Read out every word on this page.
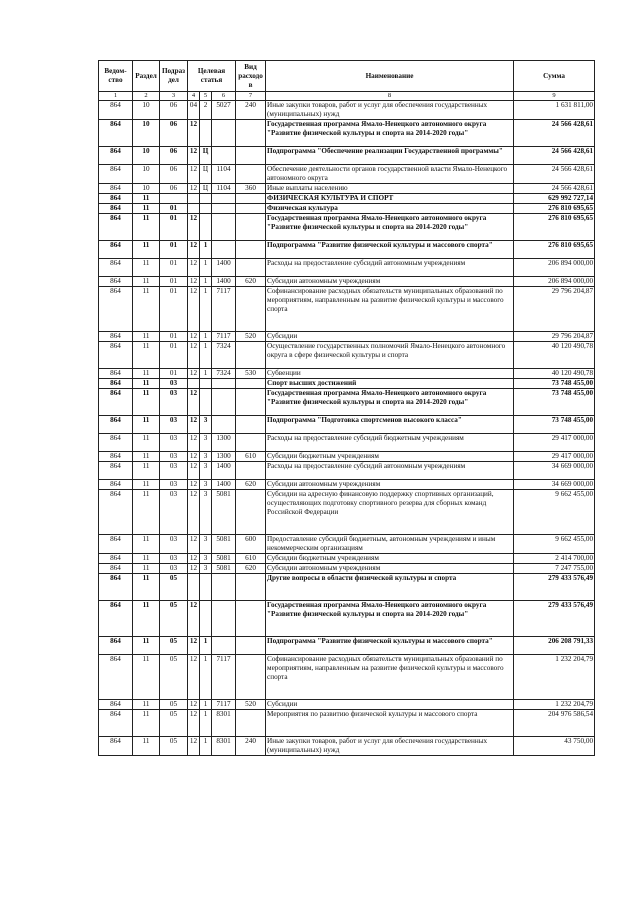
Ведом-ство	Раздел	Подраз дел	Целевая статья			Вид расходов	Наименование	Сумма
1	2	3	4	5	6	7	8	9
864	10	06	04	2	5027	240	Иные закупки товаров, работ и услуг для обеспечения государственных (муниципальных) нужд	1 631 811,00
864	10	06	12				Государственная программа Ямало-Ненецкого автономного округа "Развитие физической культуры и спорта на 2014-2020 годы"	24 566 428,61
864	10	06	12	Ц			Подпрограмма "Обеспечение реализации Государственной программы"	24 566 428,61
864	10	06	12	Ц	1104		Обеспечение деятельности органов государственной власти Ямало-Ненецкого автономного округа	24 566 428,61
864	10	06	12	Ц	1104	360	Иные выплаты населению	24 566 428,61
864	11						ФИЗИЧЕСКАЯ КУЛЬТУРА И СПОРТ	629 992 727,14
864	11	01					Физическая культура	276 810 695,65
864	11	01	12				Государственная программа Ямало-Ненецкого автономного округа "Развитие физической культуры и спорта на 2014-2020 годы"	276 810 695,65
864	11	01	12	1			Подпрограмма "Развитие физической культуры и массового спорта"	276 810 695,65
864	11	01	12	1	1400		Расходы на предоставление субсидий автономным учреждениям	206 894 000,00
864	11	01	12	1	1400	620	Субсидии автономным учреждениям	206 894 000,00
864	11	01	12	1	7117		Софинансирование расходных обязательств муниципальных образований по мероприятиям, направленным на развитие физической культуры и массового спорта	29 796 204,87
864	11	01	12	1	7117	520	Субсидии	29 796 204,87
864	11	01	12	1	7324		Осуществление государственных полномочий Ямало-Ненецкого автономного округа в сфере физической культуры и спорта	40 120 490,78
864	11	01	12	1	7324	530	Субвенции	40 120 490,78
864	11	03					Спорт высших достижений	73 748 455,00
864	11	03	12				Государственная программа Ямало-Ненецкого автономного округа "Развитие физической культуры и спорта на 2014-2020 годы"	73 748 455,00
864	11	03	12	3			Подпрограмма "Подготовка спортсменов высокого класса"	73 748 455,00
864	11	03	12	3	1300		Расходы на предоставление субсидий бюджетным учреждениям	29 417 000,00
864	11	03	12	3	1300	610	Субсидии бюджетным учреждениям	29 417 000,00
864	11	03	12	3	1400		Расходы на предоставление субсидий автономным учреждениям	34 669 000,00
864	11	03	12	3	1400	620	Субсидии автономным учреждениям	34 669 000,00
864	11	03	12	3	5081		Субсидии на адресную финансовую поддержку спортивных организаций, осуществляющих подготовку спортивного резерва для сборных команд Российской Федерации	9 662 455,00
864	11	03	12	3	5081	600	Предоставление субсидий бюджетным, автономным учреждениям и иным некоммерческим организациям	9 662 455,00
864	11	03	12	3	5081	610	Субсидии бюджетным учреждениям	2 414 700,00
864	11	03	12	3	5081	620	Субсидии автономным учреждениям	7 247 755,00
864	11	05					Другие вопросы в области физической культуры и спорта	279 433 576,49
864	11	05	12				Государственная программа Ямало-Ненецкого автономного округа "Развитие физической культуры и спорта на 2014-2020 годы"	279 433 576,49
864	11	05	12	1			Подпрограмма "Развитие физической культуры и массового спорта"	206 208 791,33
864	11	05	12	1	7117		Софинансирование расходных обязательств муниципальных образований по мероприятиям, направленным на развитие физической культуры и массового спорта	1 232 204,79
864	11	05	12	1	7117	520	Субсидии	1 232 204,79
864	11	05	12	1	8301		Мероприятия по развитию физической культуры и массового спорта	204 976 586,54
864	11	05	12	1	8301	240	Иные закупки товаров, работ и услуг для обеспечения государственных (муниципальных) нужд	43 750,00
